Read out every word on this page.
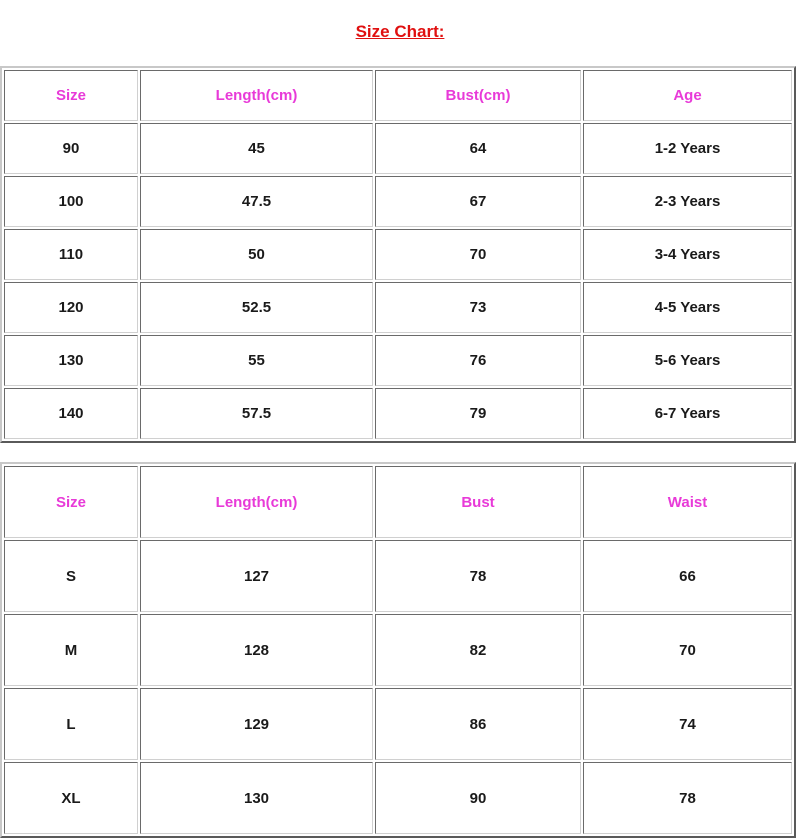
Size Chart:
Size	Length(cm)	Bust(cm)	Age
90	45	64	1-2 Years
100	47.5	67	2-3 Years
110	50	70	3-4 Years
120	52.5	73	4-5 Years
130	55	76	5-6 Years
140	57.5	79	6-7 Years
Size	Length(cm)	Bust	Waist
S	127	78	66
M	128	82	70
L	129	86	74
XL	130	90	78
